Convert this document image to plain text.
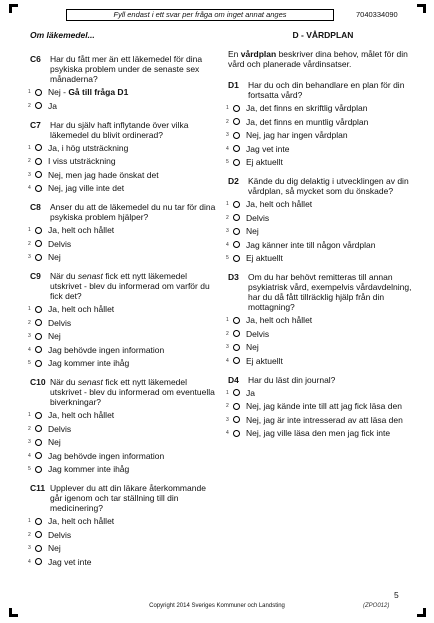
Fyll endast i ett svar per fråga om inget annat anges	7040334090
Om läkemedel...
C6	Har du fått mer än ett läkemedel för dina psykiska problem under de senaste sex månaderna?
1	Nej - Gå till fråga D1
2	Ja
C7	Har du själv haft inflytande över vilka läkemedel du blivit ordinerad?
1	Ja, i hög utsträckning
2	I viss utsträckning
3	Nej, men jag hade önskat det
4	Nej, jag ville inte det
C8	Anser du att de läkemedel du nu tar för dina psykiska problem hjälper?
1	Ja, helt och hållet
2	Delvis
3	Nej
C9	När du senast fick ett nytt läkemedel utskrivet - blev du informerad om varför du fick det?
1	Ja, helt och hållet
2	Delvis
3	Nej
4	Jag behövde ingen information
5	Jag kommer inte ihåg
C10 När du senast fick ett nytt läkemedel utskrivet - blev du informerad om eventuella biverkningar?
1	Ja, helt och hållet
2	Delvis
3	Nej
4	Jag behövde ingen information
5	Jag kommer inte ihåg
C11 Upplever du att din läkare återkommande går igenom och tar ställning till din medicinering?
1	Ja, helt och hållet
2	Delvis
3	Nej
4	Jag vet inte
D - VÅRDPLAN
En vårdplan beskriver dina behov, målet för din vård och planerade vårdinsatser.
D1	Har du och din behandlare en plan för din fortsatta vård?
1	Ja, det finns en skriftlig vårdplan
2	Ja, det finns en muntlig vårdplan
3	Nej, jag har ingen vårdplan
4	Jag vet inte
5	Ej aktuellt
D2	Kände du dig delaktig i utvecklingen av din vårdplan, så mycket som du önskade?
1	Ja, helt och hållet
2	Delvis
3	Nej
4	Jag känner inte till någon vårdplan
5	Ej aktuellt
D3	Om du har behövt remitteras till annan psykiatrisk vård, exempelvis vårdavdelning, har du då fått tillräcklig hjälp från din mottagning?
1	Ja, helt och hållet
2	Delvis
3	Nej
4	Ej aktuellt
D4	Har du läst din journal?
1	Ja
2	Nej, jag kände inte till att jag fick läsa den
3	Nej, jag är inte intresserad av att läsa den
4	Nej, jag ville läsa den men jag fick inte
5
Copyright 2014 Sveriges Kommuner och Landsting	(ZPO012)
